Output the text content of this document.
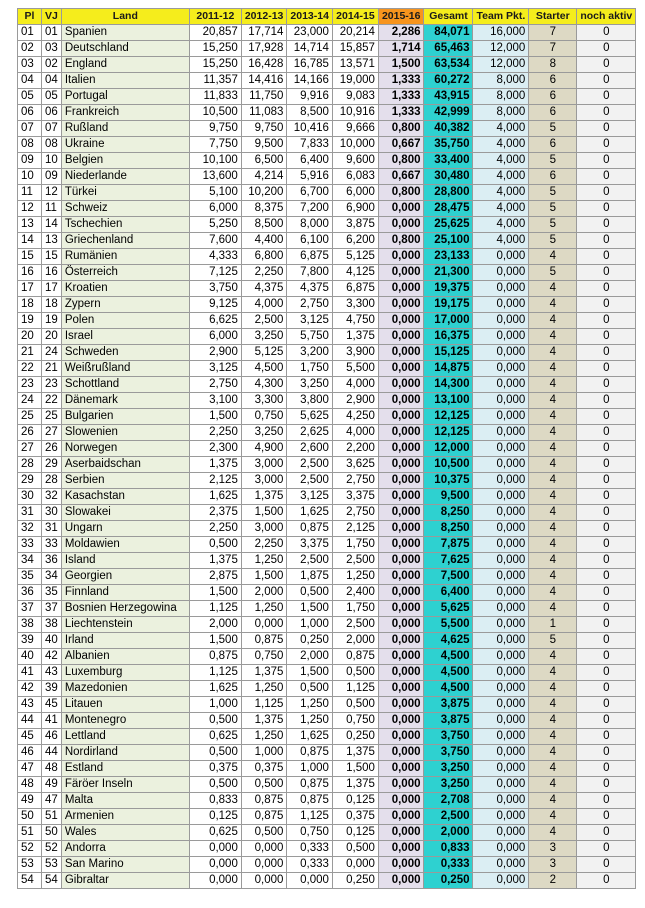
Pl	VJ	Land	2011-12	2012-13	2013-14	2014-15	2015-16	Gesamt	Team Pkt.	Starter	noch aktiv
01	01	Spanien	20,857	17,714	23,000	20,214	2,286	84,071	16,000	7	0
02	03	Deutschland	15,250	17,928	14,714	15,857	1,714	65,463	12,000	7	0
03	02	England	15,250	16,428	16,785	13,571	1,500	63,534	12,000	8	0
04	04	Italien	11,357	14,416	14,166	19,000	1,333	60,272	8,000	6	0
05	05	Portugal	11,833	11,750	9,916	9,083	1,333	43,915	8,000	6	0
06	06	Frankreich	10,500	11,083	8,500	10,916	1,333	42,999	8,000	6	0
07	07	Rußland	9,750	9,750	10,416	9,666	0,800	40,382	4,000	5	0
08	08	Ukraine	7,750	9,500	7,833	10,000	0,667	35,750	4,000	6	0
09	10	Belgien	10,100	6,500	6,400	9,600	0,800	33,400	4,000	5	0
10	09	Niederlande	13,600	4,214	5,916	6,083	0,667	30,480	4,000	6	0
11	12	Türkei	5,100	10,200	6,700	6,000	0,800	28,800	4,000	5	0
12	11	Schweiz	6,000	8,375	7,200	6,900	0,000	28,475	4,000	5	0
13	14	Tschechien	5,250	8,500	8,000	3,875	0,000	25,625	4,000	5	0
14	13	Griechenland	7,600	4,400	6,100	6,200	0,800	25,100	4,000	5	0
15	15	Rumänien	4,333	6,800	6,875	5,125	0,000	23,133	0,000	4	0
16	16	Österreich	7,125	2,250	7,800	4,125	0,000	21,300	0,000	5	0
17	17	Kroatien	3,750	4,375	4,375	6,875	0,000	19,375	0,000	4	0
18	18	Zypern	9,125	4,000	2,750	3,300	0,000	19,175	0,000	4	0
19	19	Polen	6,625	2,500	3,125	4,750	0,000	17,000	0,000	4	0
20	20	Israel	6,000	3,250	5,750	1,375	0,000	16,375	0,000	4	0
21	24	Schweden	2,900	5,125	3,200	3,900	0,000	15,125	0,000	4	0
22	21	Weißrußland	3,125	4,500	1,750	5,500	0,000	14,875	0,000	4	0
23	23	Schottland	2,750	4,300	3,250	4,000	0,000	14,300	0,000	4	0
24	22	Dänemark	3,100	3,300	3,800	2,900	0,000	13,100	0,000	4	0
25	25	Bulgarien	1,500	0,750	5,625	4,250	0,000	12,125	0,000	4	0
26	27	Slowenien	2,250	3,250	2,625	4,000	0,000	12,125	0,000	4	0
27	26	Norwegen	2,300	4,900	2,600	2,200	0,000	12,000	0,000	4	0
28	29	Aserbaidschan	1,375	3,000	2,500	3,625	0,000	10,500	0,000	4	0
29	28	Serbien	2,125	3,000	2,500	2,750	0,000	10,375	0,000	4	0
30	32	Kasachstan	1,625	1,375	3,125	3,375	0,000	9,500	0,000	4	0
31	30	Slowakei	2,375	1,500	1,625	2,750	0,000	8,250	0,000	4	0
32	31	Ungarn	2,250	3,000	0,875	2,125	0,000	8,250	0,000	4	0
33	33	Moldawien	0,500	2,250	3,375	1,750	0,000	7,875	0,000	4	0
34	36	Island	1,375	1,250	2,500	2,500	0,000	7,625	0,000	4	0
35	34	Georgien	2,875	1,500	1,875	1,250	0,000	7,500	0,000	4	0
36	35	Finnland	1,500	2,000	0,500	2,400	0,000	6,400	0,000	4	0
37	37	Bosnien Herzegowina	1,125	1,250	1,500	1,750	0,000	5,625	0,000	4	0
38	38	Liechtenstein	2,000	0,000	1,000	2,500	0,000	5,500	0,000	1	0
39	40	Irland	1,500	0,875	0,250	2,000	0,000	4,625	0,000	5	0
40	42	Albanien	0,875	0,750	2,000	0,875	0,000	4,500	0,000	4	0
41	43	Luxemburg	1,125	1,375	1,500	0,500	0,000	4,500	0,000	4	0
42	39	Mazedonien	1,625	1,250	0,500	1,125	0,000	4,500	0,000	4	0
43	45	Litauen	1,000	1,125	1,250	0,500	0,000	3,875	0,000	4	0
44	41	Montenegro	0,500	1,375	1,250	0,750	0,000	3,875	0,000	4	0
45	46	Lettland	0,625	1,250	1,625	0,250	0,000	3,750	0,000	4	0
46	44	Nordirland	0,500	1,000	0,875	1,375	0,000	3,750	0,000	4	0
47	48	Estland	0,375	0,375	1,000	1,500	0,000	3,250	0,000	4	0
48	49	Färöer Inseln	0,500	0,500	0,875	1,375	0,000	3,250	0,000	4	0
49	47	Malta	0,833	0,875	0,875	0,125	0,000	2,708	0,000	4	0
50	51	Armenien	0,125	0,875	1,125	0,375	0,000	2,500	0,000	4	0
51	50	Wales	0,625	0,500	0,750	0,125	0,000	2,000	0,000	4	0
52	52	Andorra	0,000	0,000	0,333	0,500	0,000	0,833	0,000	3	0
53	53	San Marino	0,000	0,000	0,333	0,000	0,000	0,333	0,000	3	0
54	54	Gibraltar	0,000	0,000	0,000	0,250	0,000	0,250	0,000	2	0
